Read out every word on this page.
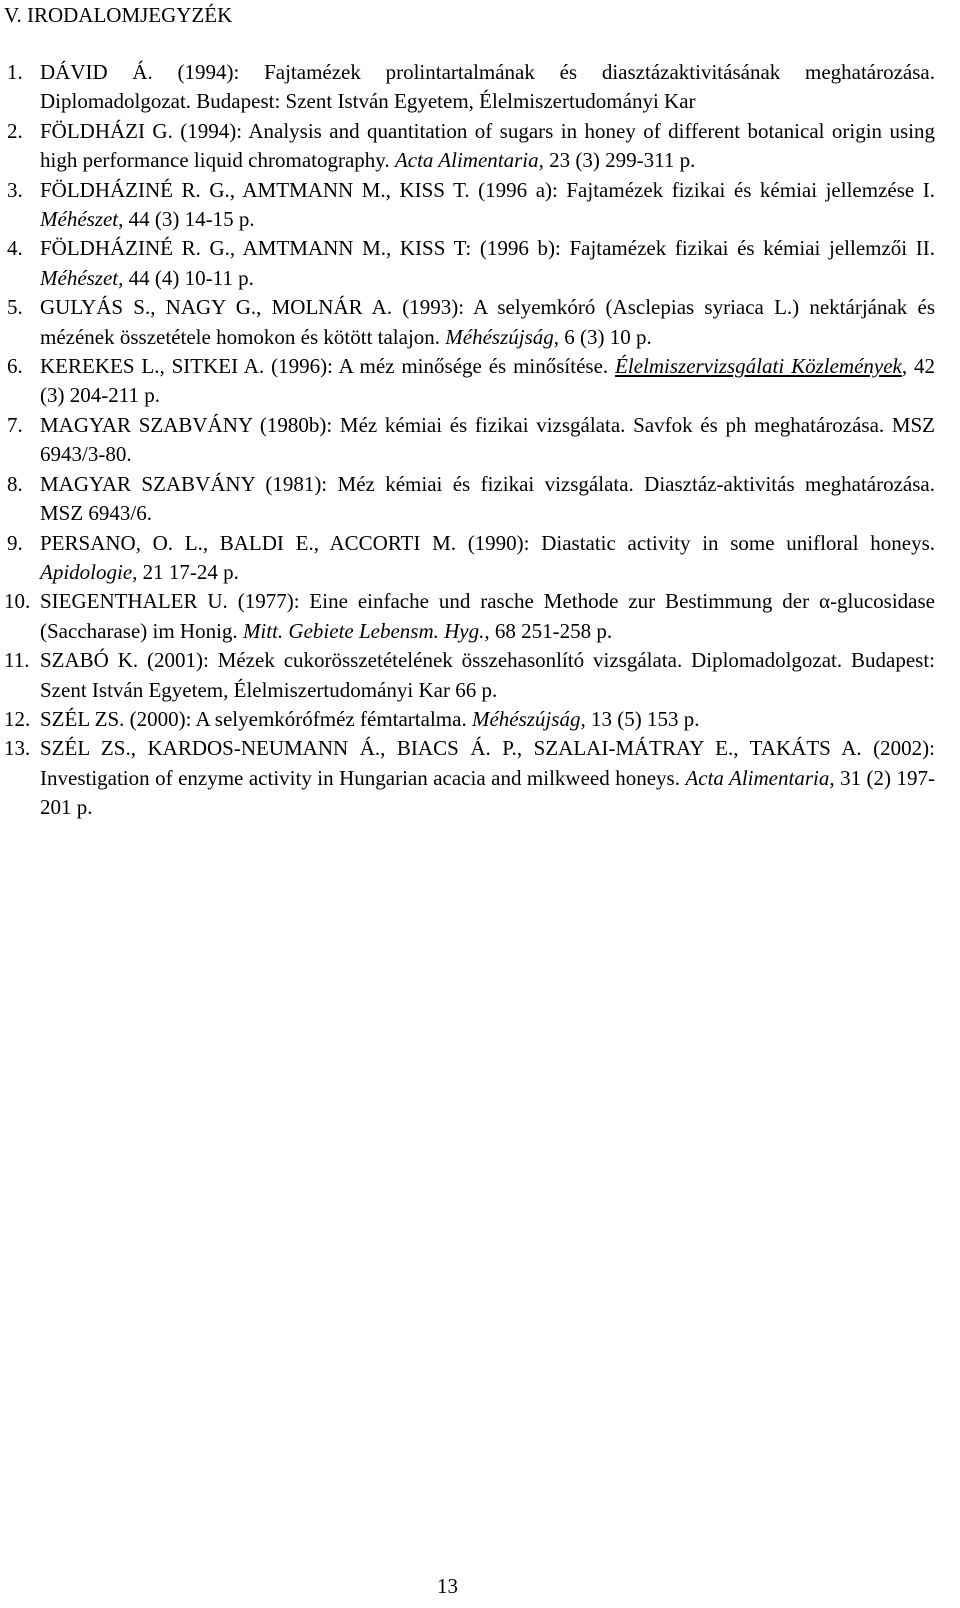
V. IRODALOMJEGYZÉK
1. DÁVID Á. (1994): Fajtamézek prolintartalmának és diasztázaktivitásának meghatározása. Diplomadolgozat. Budapest: Szent István Egyetem, Élelmiszertudományi Kar
2. FÖLDHÁZI G. (1994): Analysis and quantitation of sugars in honey of different botanical origin using high performance liquid chromatography. Acta Alimentaria, 23 (3) 299-311 p.
3. FÖLDHÁZINÉ R. G., AMTMANN M., KISS T. (1996 a): Fajtamézek fizikai és kémiai jellemzése I. Méhészet, 44 (3) 14-15 p.
4. FÖLDHÁZINÉ R. G., AMTMANN M., KISS T: (1996 b): Fajtamézek fizikai és kémiai jellemzői II. Méhészet, 44 (4) 10-11 p.
5. GULYÁS S., NAGY G., MOLNÁR A. (1993): A selyemkóró (Asclepias syriaca L.) nektárjának és mézének összetétele homokon és kötött talajon. Méhészújság, 6 (3) 10 p.
6. KEREKES L., SITKEI A. (1996): A méz minősége és minősítése. Élelmiszervizsgálati Közlemények, 42 (3) 204-211 p.
7. MAGYAR SZABVÁNY (1980b): Méz kémiai és fizikai vizsgálata. Savfok és ph meghatározása. MSZ 6943/3-80.
8. MAGYAR SZABVÁNY (1981): Méz kémiai és fizikai vizsgálata. Diasztáz-aktivitás meghatározása. MSZ 6943/6.
9. PERSANO, O. L., BALDI E., ACCORTI M. (1990): Diastatic activity in some unifloral honeys. Apidologie, 21 17-24 p.
10. SIEGENTHALER U. (1977): Eine einfache und rasche Methode zur Bestimmung der α-glucosidase (Saccharase) im Honig. Mitt. Gebiete Lebensm. Hyg., 68 251-258 p.
11. SZABÓ K. (2001): Mézek cukorösszetételének összehasonlító vizsgálata. Diplomadolgozat. Budapest: Szent István Egyetem, Élelmiszertudományi Kar 66 p.
12. SZÉL ZS. (2000): A selyemkórófméz fémtartalma. Méhészújság, 13 (5) 153 p.
13. SZÉL ZS., KARDOS-NEUMANN Á., BIACS Á. P., SZALAI-MÁTRAY E., TAKÁTS A. (2002): Investigation of enzyme activity in Hungarian acacia and milkweed honeys. Acta Alimentaria, 31 (2) 197-201 p.
13
